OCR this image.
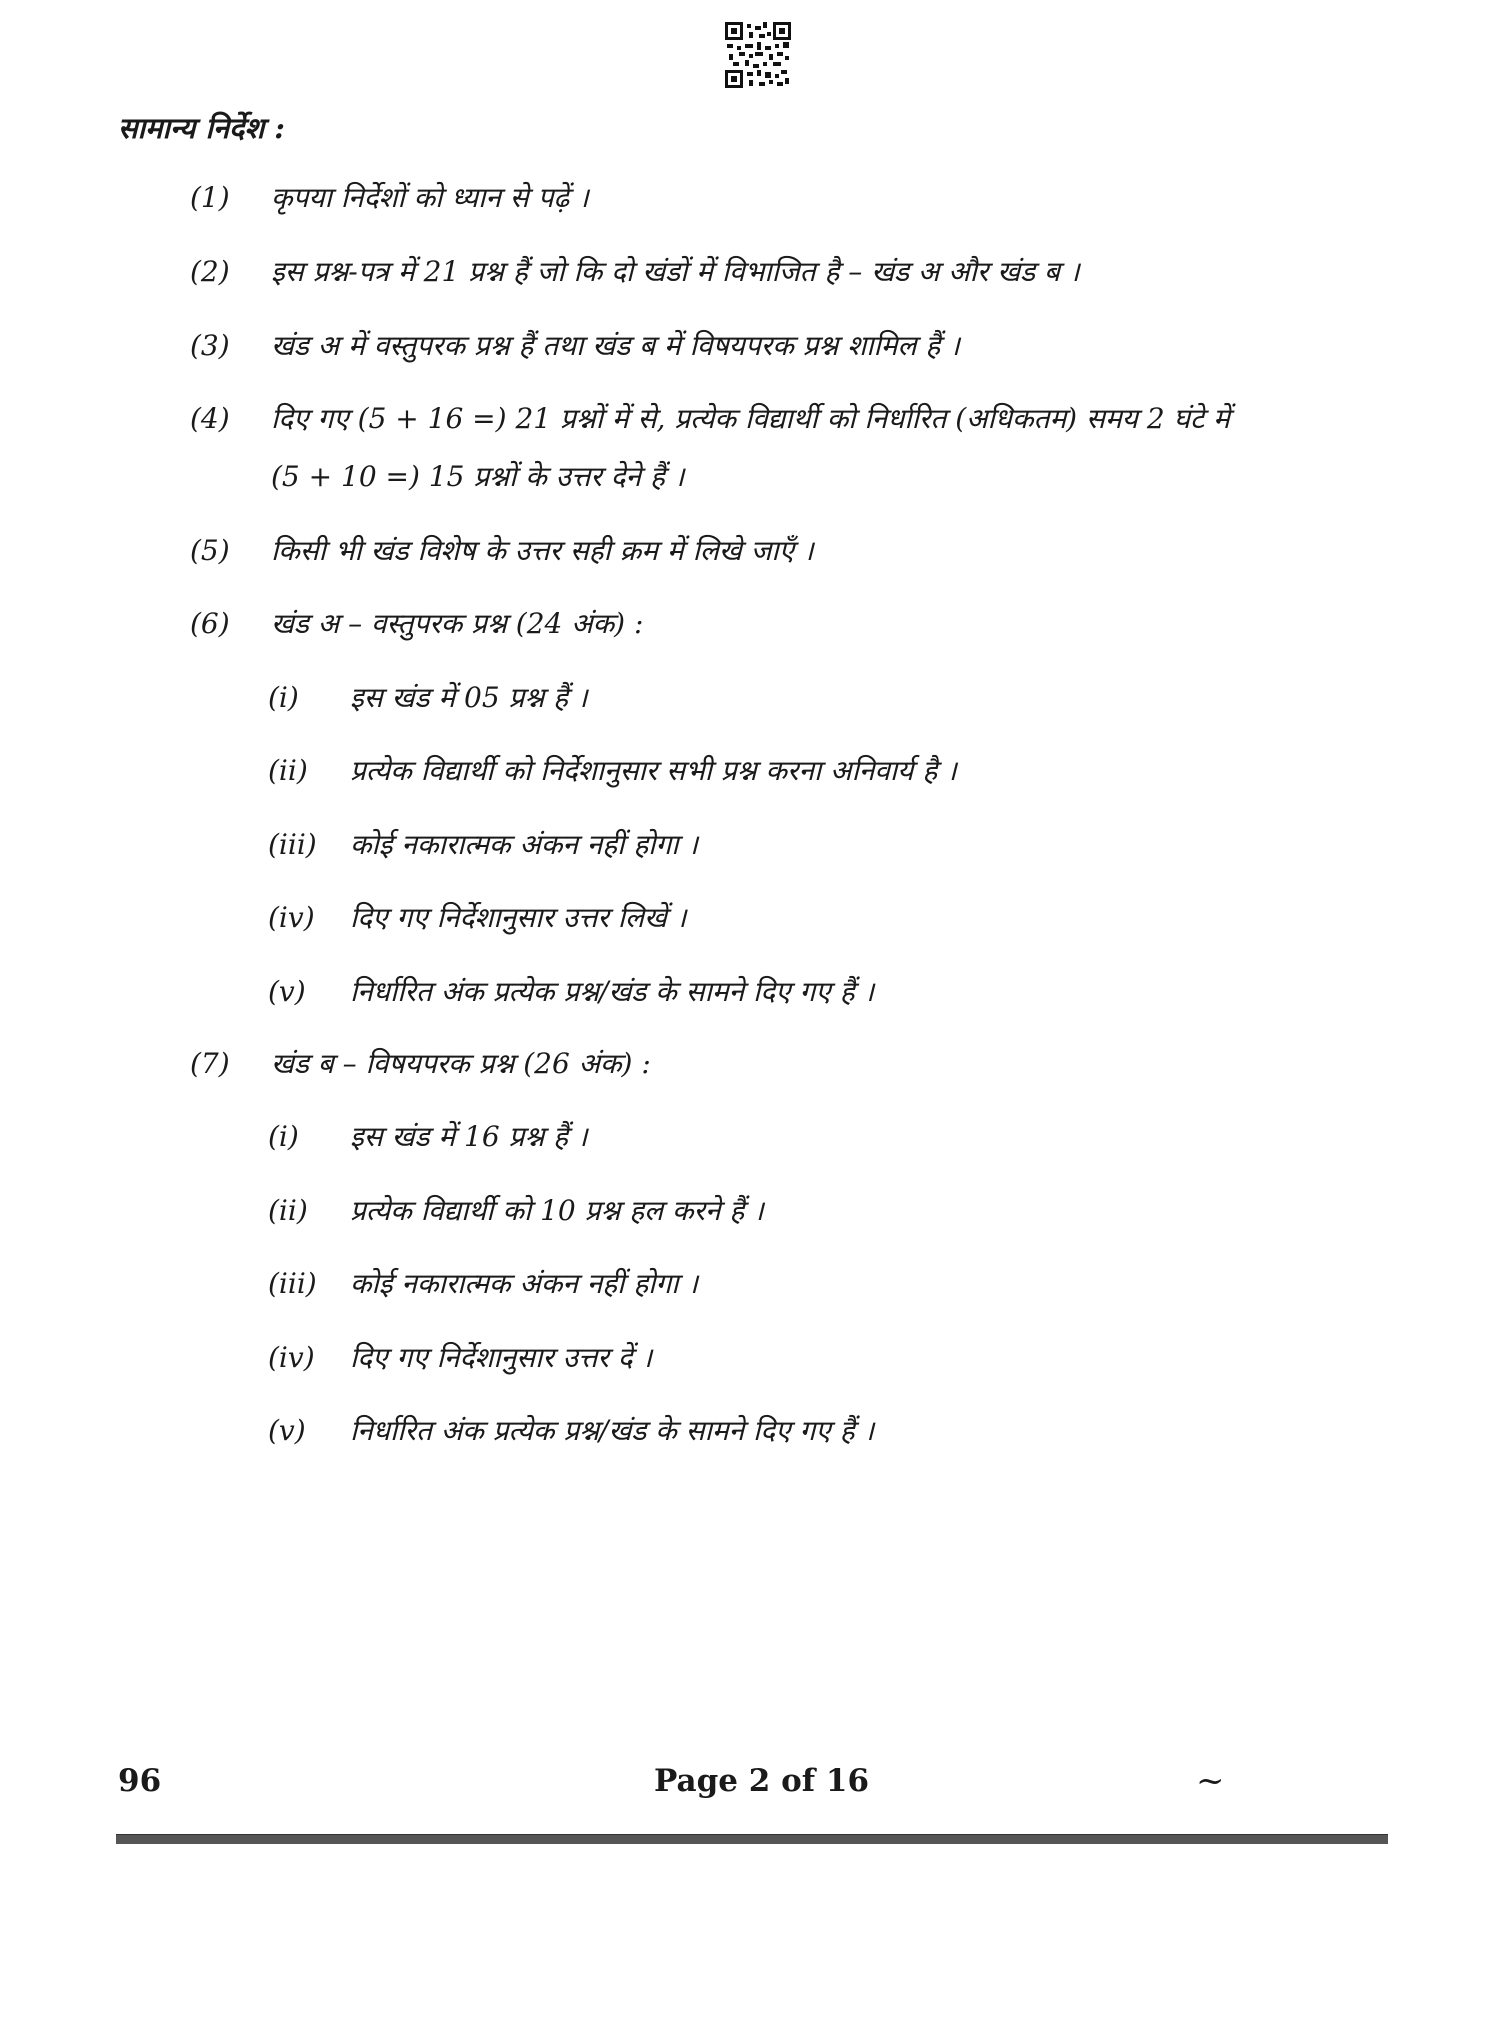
सामान्य निर्देश :
(1) कृपया निर्देशों को ध्यान से पढ़ें ।
(2) इस प्रश्न-पत्र में 21 प्रश्न हैं जो कि दो खंडों में विभाजित है – खंड अ और खंड ब ।
(3) खंड अ में वस्तुपरक प्रश्न हैं तथा खंड ब में विषयपरक प्रश्न शामिल हैं ।
(4) दिए गए (5 + 16 =) 21 प्रश्नों में से, प्रत्येक विद्यार्थी को निर्धारित (अधिकतम) समय 2 घंटे में
(5 + 10 =) 15 प्रश्नों के उत्तर देने हैं ।
(5) किसी भी खंड विशेष के उत्तर सही क्रम में लिखे जाएँ ।
(6) खंड अ – वस्तुपरक प्रश्न (24 अंक) :
(i) इस खंड में 05 प्रश्न हैं ।
(ii) प्रत्येक विद्यार्थी को निर्देशानुसार सभी प्रश्न करना अनिवार्य है ।
(iii) कोई नकारात्मक अंकन नहीं होगा ।
(iv) दिए गए निर्देशानुसार उत्तर लिखें ।
(v) निर्धारित अंक प्रत्येक प्रश्न/खंड के सामने दिए गए हैं ।
(7) खंड ब – विषयपरक प्रश्न (26 अंक) :
(i) इस खंड में 16 प्रश्न हैं ।
(ii) प्रत्येक विद्यार्थी को 10 प्रश्न हल करने हैं ।
(iii) कोई नकारात्मक अंकन नहीं होगा ।
(iv) दिए गए निर्देशानुसार उत्तर दें ।
(v) निर्धारित अंक प्रत्येक प्रश्न/खंड के सामने दिए गए हैं ।
96	Page 2 of 16	~
